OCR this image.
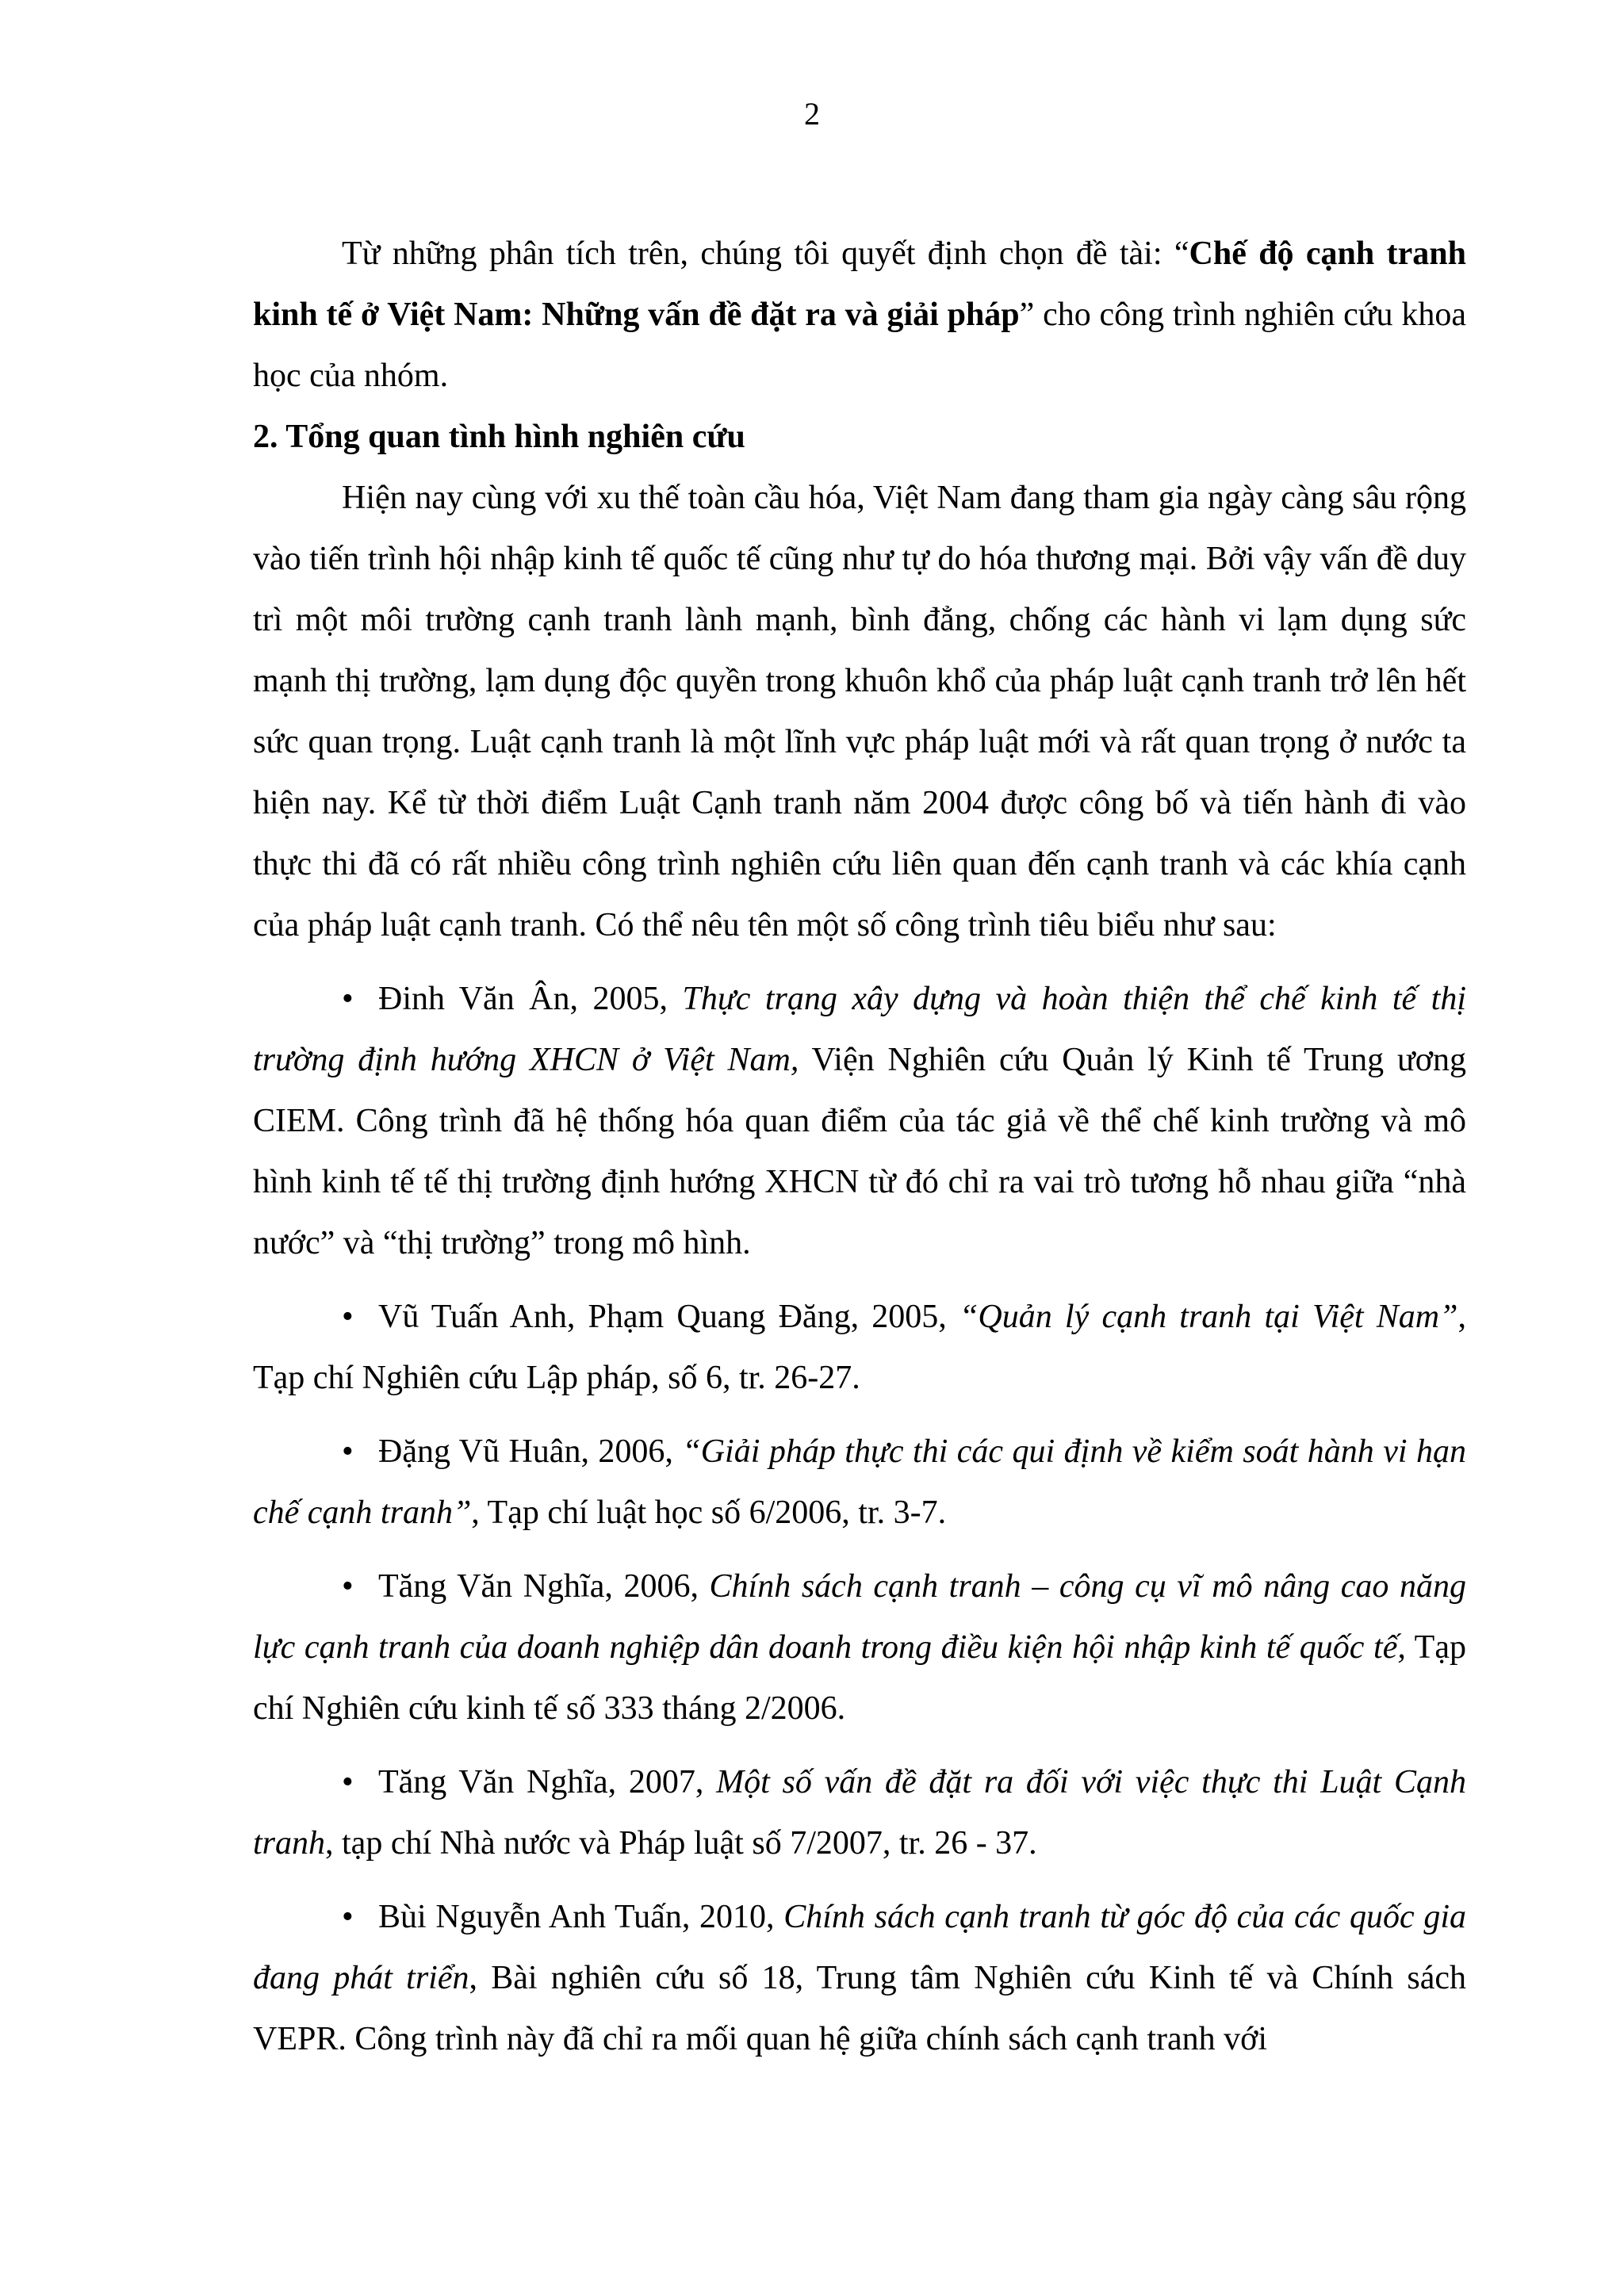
2

Từ những phân tích trên, chúng tôi quyết định chọn đề tài: “Chế độ cạnh tranh kinh tế ở Việt Nam: Những vấn đề đặt ra và giải pháp” cho công trình nghiên cứu khoa học của nhóm.

2. Tổng quan tình hình nghiên cứu

Hiện nay cùng với xu thế toàn cầu hóa, Việt Nam đang tham gia ngày càng sâu rộng vào tiến trình hội nhập kinh tế quốc tế cũng như tự do hóa thương mại. Bởi vậy vấn đề duy trì một môi trường cạnh tranh lành mạnh, bình đẳng, chống các hành vi lạm dụng sức mạnh thị trường, lạm dụng độc quyền trong khuôn khổ của pháp luật cạnh tranh trở lên hết sức quan trọng. Luật cạnh tranh là một lĩnh vực pháp luật mới và rất quan trọng ở nước ta hiện nay. Kể từ thời điểm Luật Cạnh tranh năm 2004 được công bố và tiến hành đi vào thực thi đã có rất nhiều công trình nghiên cứu liên quan đến cạnh tranh và các khía cạnh của pháp luật cạnh tranh. Có thể nêu tên một số công trình tiêu biểu như sau:

• Đinh Văn Ân, 2005, Thực trạng xây dựng và hoàn thiện thể chế kinh tế thị trường định hướng XHCN ở Việt Nam, Viện Nghiên cứu Quản lý Kinh tế Trung ương CIEM. Công trình đã hệ thống hóa quan điểm của tác giả về thể chế kinh trường và mô hình kinh tế tế thị trường định hướng XHCN từ đó chỉ ra vai trò tương hỗ nhau giữa “nhà nước” và “thị trường” trong mô hình.

• Vũ Tuấn Anh, Phạm Quang Đăng, 2005, “Quản lý cạnh tranh tại Việt Nam”, Tạp chí Nghiên cứu Lập pháp, số 6, tr. 26-27.

• Đặng Vũ Huân, 2006, “Giải pháp thực thi các qui định về kiểm soát hành vi hạn chế cạnh tranh”, Tạp chí luật học số 6/2006, tr. 3-7.

• Tăng Văn Nghĩa, 2006, Chính sách cạnh tranh – công cụ vĩ mô nâng cao năng lực cạnh tranh của doanh nghiệp dân doanh trong điều kiện hội nhập kinh tế quốc tế, Tạp chí Nghiên cứu kinh tế số 333 tháng 2/2006.

• Tăng Văn Nghĩa, 2007, Một số vấn đề đặt ra đối với việc thực thi Luật Cạnh tranh, tạp chí Nhà nước và Pháp luật số 7/2007, tr. 26 - 37.

• Bùi Nguyễn Anh Tuấn, 2010, Chính sách cạnh tranh từ góc độ của các quốc gia đang phát triển, Bài nghiên cứu số 18, Trung tâm Nghiên cứu Kinh tế và Chính sách VEPR. Công trình này đã chỉ ra mối quan hệ giữa chính sách cạnh tranh với
